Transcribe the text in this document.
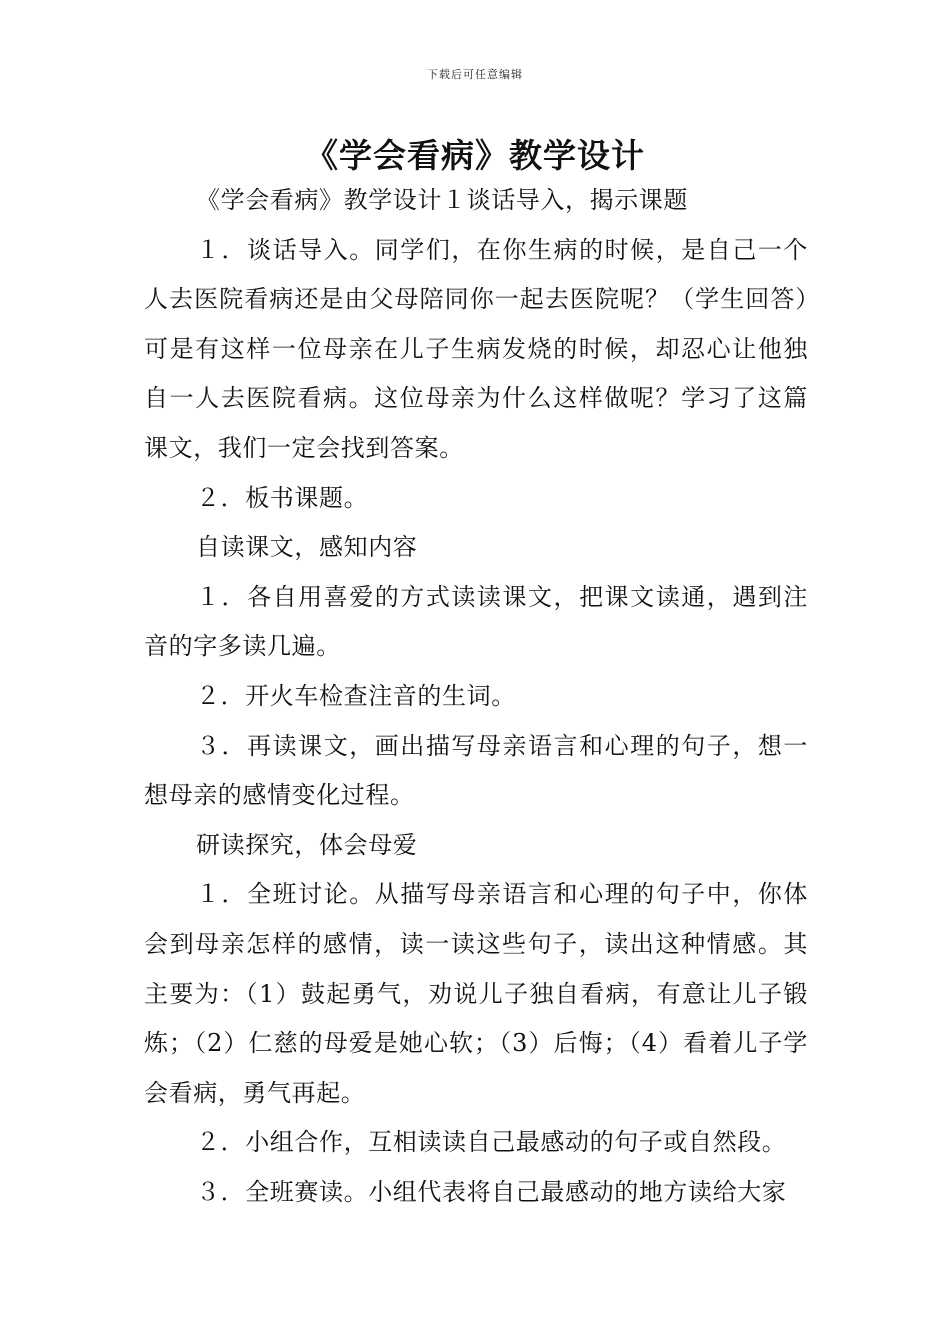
下载后可任意编辑
《学会看病》教学设计

《学会看病》教学设计１谈话导入，揭示课题

１．谈话导入。同学们，在你生病的时候，是自己一个人去医院看病还是由父母陪同你一起去医院呢？（学生回答）可是有这样一位母亲在儿子生病发烧的时候，却忍心让他独自一人去医院看病。这位母亲为什么这样做呢？学习了这篇课文，我们一定会找到答案。

２．板书课题。

自读课文，感知内容

１．各自用喜爱的方式读读课文，把课文读通，遇到注音的字多读几遍。

２．开火车检查注音的生词。

３．再读课文，画出描写母亲语言和心理的句子，想一想母亲的感情变化过程。

研读探究，体会母爱

１．全班讨论。从描写母亲语言和心理的句子中，你体会到母亲怎样的感情，读一读这些句子，读出这种情感。其主要为：（1）鼓起勇气，劝说儿子独自看病，有意让儿子锻炼；（2）仁慈的母爱是她心软；（3）后悔；（4）看着儿子学会看病，勇气再起。

２．小组合作，互相读读自己最感动的句子或自然段。

３．全班赛读。小组代表将自己最感动的地方读给大家
